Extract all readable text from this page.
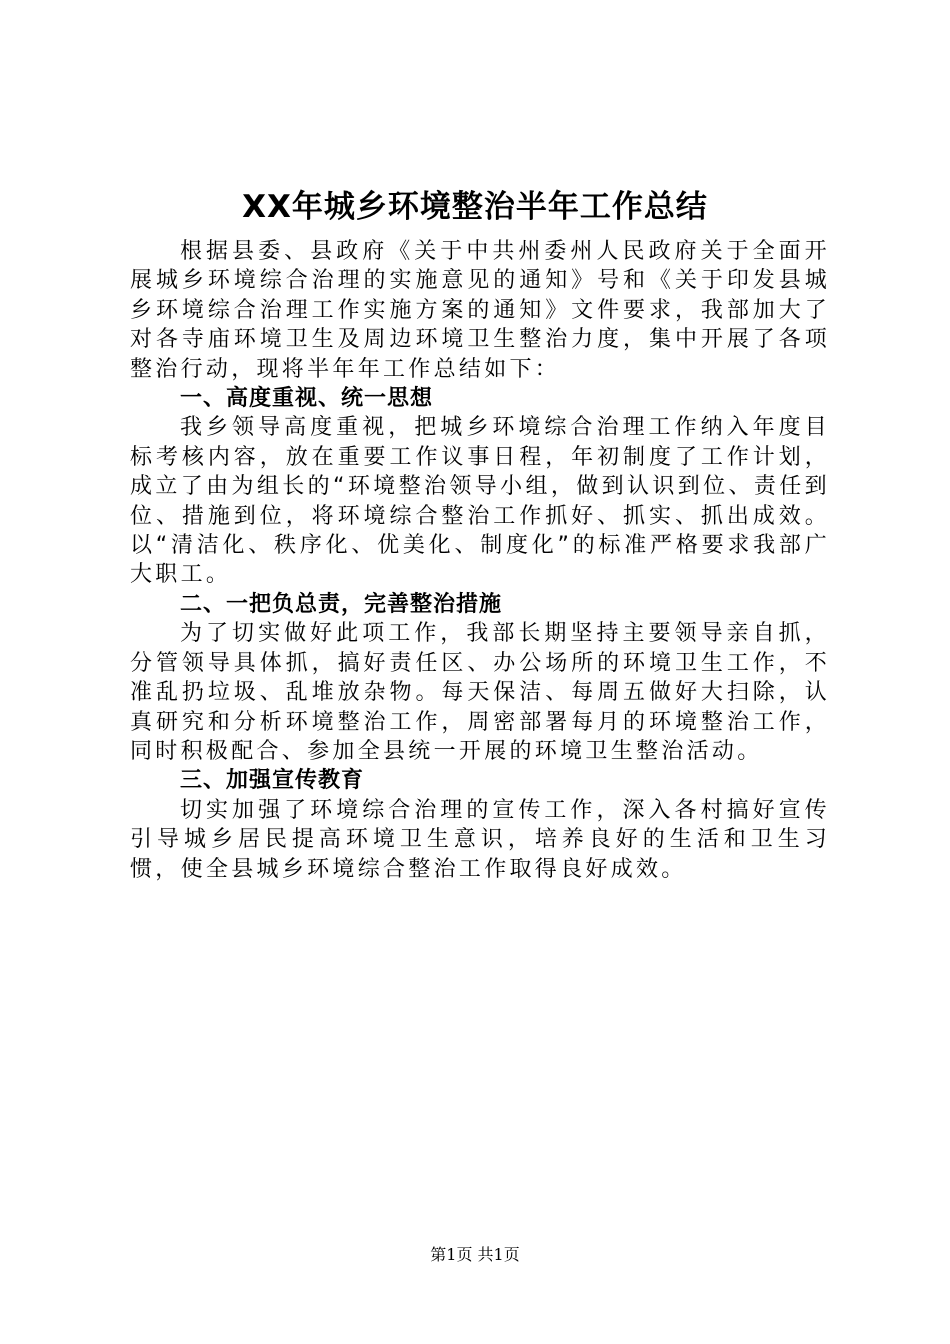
XX年城乡环境整治半年工作总结

根据县委、县政府《关于中共州委州人民政府关于全面开展城乡环境综合治理的实施意见的通知》号和《关于印发县城乡环境综合治理工作实施方案的通知》文件要求，我部加大了对各寺庙环境卫生及周边环境卫生整治力度，集中开展了各项整治行动，现将半年年工作总结如下：

一、高度重视、统一思想

我乡领导高度重视，把城乡环境综合治理工作纳入年度目标考核内容，放在重要工作议事日程，年初制度了工作计划，成立了由为组长的“环境整治领导小组，做到认识到位、责任到位、措施到位，将环境综合整治工作抓好、抓实、抓出成效。以“清洁化、秩序化、优美化、制度化”的标准严格要求我部广大职工。

二、一把负总责，完善整治措施

为了切实做好此项工作，我部长期坚持主要领导亲自抓，分管领导具体抓，搞好责任区、办公场所的环境卫生工作，不准乱扔垃圾、乱堆放杂物。每天保洁、每周五做好大扫除，认真研究和分析环境整治工作，周密部署每月的环境整治工作，同时积极配合、参加全县统一开展的环境卫生整治活动。

三、加强宣传教育

切实加强了环境综合治理的宣传工作，深入各村搞好宣传引导城乡居民提高环境卫生意识，培养良好的生活和卫生习惯，使全县城乡环境综合整治工作取得良好成效。

第1页 共1页
